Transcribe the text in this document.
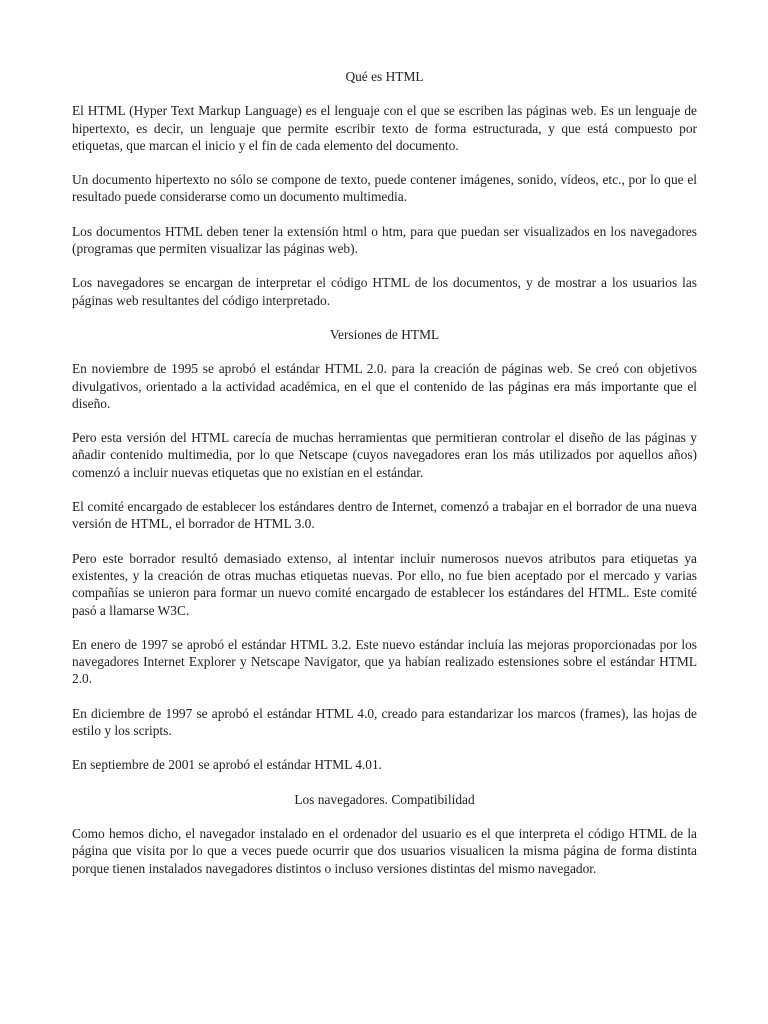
Qué es HTML

El HTML (Hyper Text Markup Language) es el lenguaje con el que se escriben las páginas web. Es un lenguaje de hipertexto, es decir, un lenguaje que permite escribir texto de forma estructurada, y que está compuesto por etiquetas, que marcan el inicio y el fin de cada elemento del documento.

Un documento hipertexto no sólo se compone de texto, puede contener imágenes, sonido, vídeos, etc., por lo que el resultado puede considerarse como un documento multimedia.

Los documentos HTML deben tener la extensión html o htm, para que puedan ser visualizados en los navegadores (programas que permiten visualizar las páginas web).

Los navegadores se encargan de interpretar el código HTML de los documentos, y de mostrar a los usuarios las páginas web resultantes del código interpretado.

Versiones de HTML

En noviembre de 1995 se aprobó el estándar HTML 2.0. para la creación de páginas web. Se creó con objetivos divulgativos, orientado a la actividad académica, en el que el contenido de las páginas era más importante que el diseño.

Pero esta versión del HTML carecía de muchas herramientas que permitieran controlar el diseño de las páginas y añadir contenido multimedia, por lo que Netscape (cuyos navegadores eran los más utilizados por aquellos años) comenzó a incluir nuevas etiquetas que no existían en el estándar.

El comité encargado de establecer los estándares dentro de Internet, comenzó a trabajar en el borrador de una nueva versión de HTML, el borrador de HTML 3.0.

Pero este borrador resultó demasiado extenso, al intentar incluir numerosos nuevos atributos para etiquetas ya existentes, y la creación de otras muchas etiquetas nuevas. Por ello, no fue bien aceptado por el mercado y varias compañías se unieron para formar un nuevo comité encargado de establecer los estándares del HTML. Este comité pasó a llamarse W3C.

En enero de 1997 se aprobó el estándar HTML 3.2. Este nuevo estándar incluía las mejoras proporcionadas por los navegadores Internet Explorer y Netscape Navigator, que ya habían realizado estensiones sobre el estándar HTML 2.0.

En diciembre de 1997 se aprobó el estándar HTML 4.0, creado para estandarizar los marcos (frames), las hojas de estilo y los scripts.

En septiembre de 2001 se aprobó el estándar HTML 4.01.

Los navegadores. Compatibilidad

Como hemos dicho, el navegador instalado en el ordenador del usuario es el que interpreta el código HTML de la página que visita por lo que a veces puede ocurrir que dos usuarios visualicen la misma página de forma distinta porque tienen instalados navegadores distintos o incluso versiones distintas del mismo navegador.
